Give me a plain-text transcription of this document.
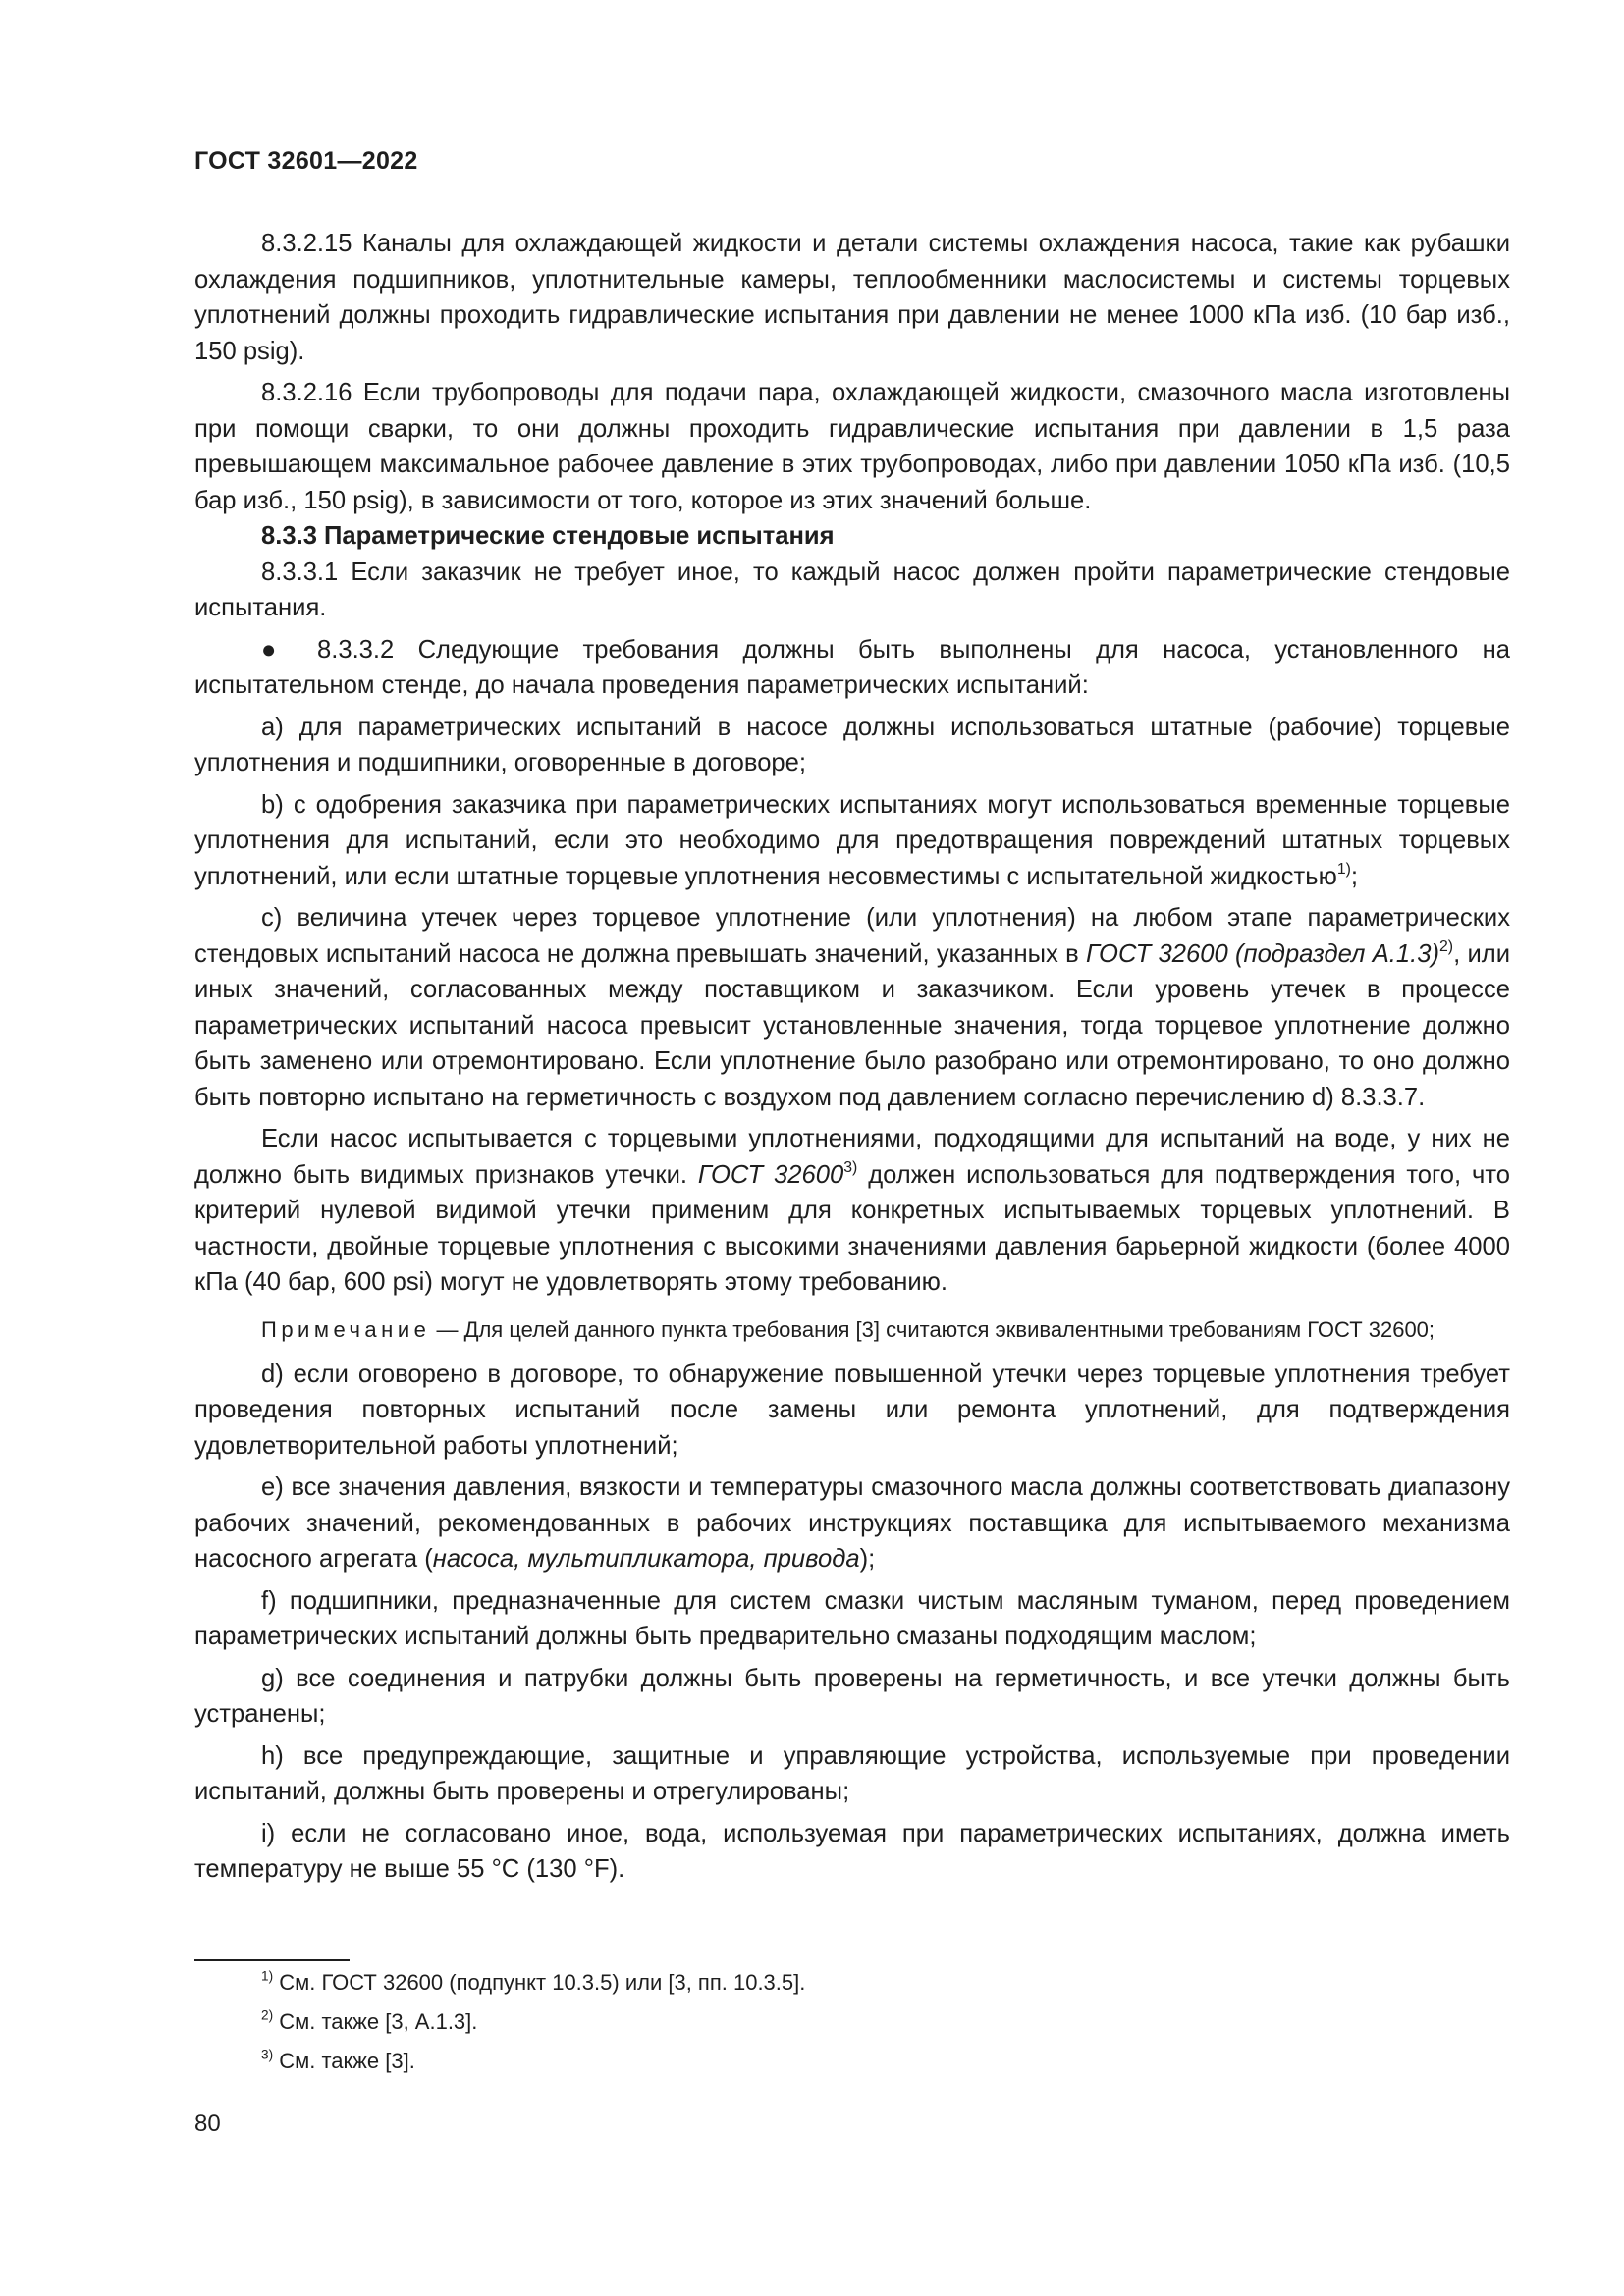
ГОСТ 32601—2022

8.3.2.15 Каналы для охлаждающей жидкости и детали системы охлаждения насоса, такие как рубашки охлаждения подшипников, уплотнительные камеры, теплообменники маслосистемы и системы торцевых уплотнений должны проходить гидравлические испытания при давлении не менее 1000 кПа изб. (10 бар изб., 150 psig).

8.3.2.16 Если трубопроводы для подачи пара, охлаждающей жидкости, смазочного масла изготовлены при помощи сварки, то они должны проходить гидравлические испытания при давлении в 1,5 раза превышающем максимальное рабочее давление в этих трубопроводах, либо при давлении 1050 кПа изб. (10,5 бар изб., 150 psig), в зависимости от того, которое из этих значений больше.

8.3.3 Параметрические стендовые испытания

8.3.3.1 Если заказчик не требует иное, то каждый насос должен пройти параметрические стендовые испытания.

● 8.3.3.2 Следующие требования должны быть выполнены для насоса, установленного на испытательном стенде, до начала проведения параметрических испытаний:

a) для параметрических испытаний в насосе должны использоваться штатные (рабочие) торцевые уплотнения и подшипники, оговоренные в договоре;

b) с одобрения заказчика при параметрических испытаниях могут использоваться временные торцевые уплотнения для испытаний, если это необходимо для предотвращения повреждений штатных торцевых уплотнений, или если штатные торцевые уплотнения несовместимы с испытательной жидкостью$^{1)}$;

c) величина утечек через торцевое уплотнение (или уплотнения) на любом этапе параметрических стендовых испытаний насоса не должна превышать значений, указанных в ГОСТ 32600 (подраздел А.1.3)$^{2)}$, или иных значений, согласованных между поставщиком и заказчиком. Если уровень утечек в процессе параметрических испытаний насоса превысит установленные значения, тогда торцевое уплотнение должно быть заменено или отремонтировано. Если уплотнение было разобрано или отремонтировано, то оно должно быть повторно испытано на герметичность с воздухом под давлением согласно перечислению d) 8.3.3.7.

Если насос испытывается с торцевыми уплотнениями, подходящими для испытаний на воде, у них не должно быть видимых признаков утечки. ГОСТ 32600$^{3)}$ должен использоваться для подтверждения того, что критерий нулевой видимой утечки применим для конкретных испытываемых торцевых уплотнений. В частности, двойные торцевые уплотнения с высокими значениями давления барьерной жидкости (более 4000 кПа (40 бар, 600 psi) могут не удовлетворять этому требованию.

Примечание — Для целей данного пункта требования [3] считаются эквивалентными требованиям ГОСТ 32600;

d) если оговорено в договоре, то обнаружение повышенной утечки через торцевые уплотнения требует проведения повторных испытаний после замены или ремонта уплотнений, для подтверждения удовлетворительной работы уплотнений;

e) все значения давления, вязкости и температуры смазочного масла должны соответствовать диапазону рабочих значений, рекомендованных в рабочих инструкциях поставщика для испытываемого механизма насосного агрегата (насоса, мультипликатора, привода);

f) подшипники, предназначенные для систем смазки чистым масляным туманом, перед проведением параметрических испытаний должны быть предварительно смазаны подходящим маслом;

g) все соединения и патрубки должны быть проверены на герметичность, и все утечки должны быть устранены;

h) все предупреждающие, защитные и управляющие устройства, используемые при проведении испытаний, должны быть проверены и отрегулированы;

i) если не согласовано иное, вода, используемая при параметрических испытаниях, должна иметь температуру не выше 55 °C (130 °F).

$^{1)}$ См. ГОСТ 32600 (подпункт 10.3.5) или [3, пп. 10.3.5].
$^{2)}$ См. также [3, A.1.3].
$^{3)}$ См. также [3].
80
